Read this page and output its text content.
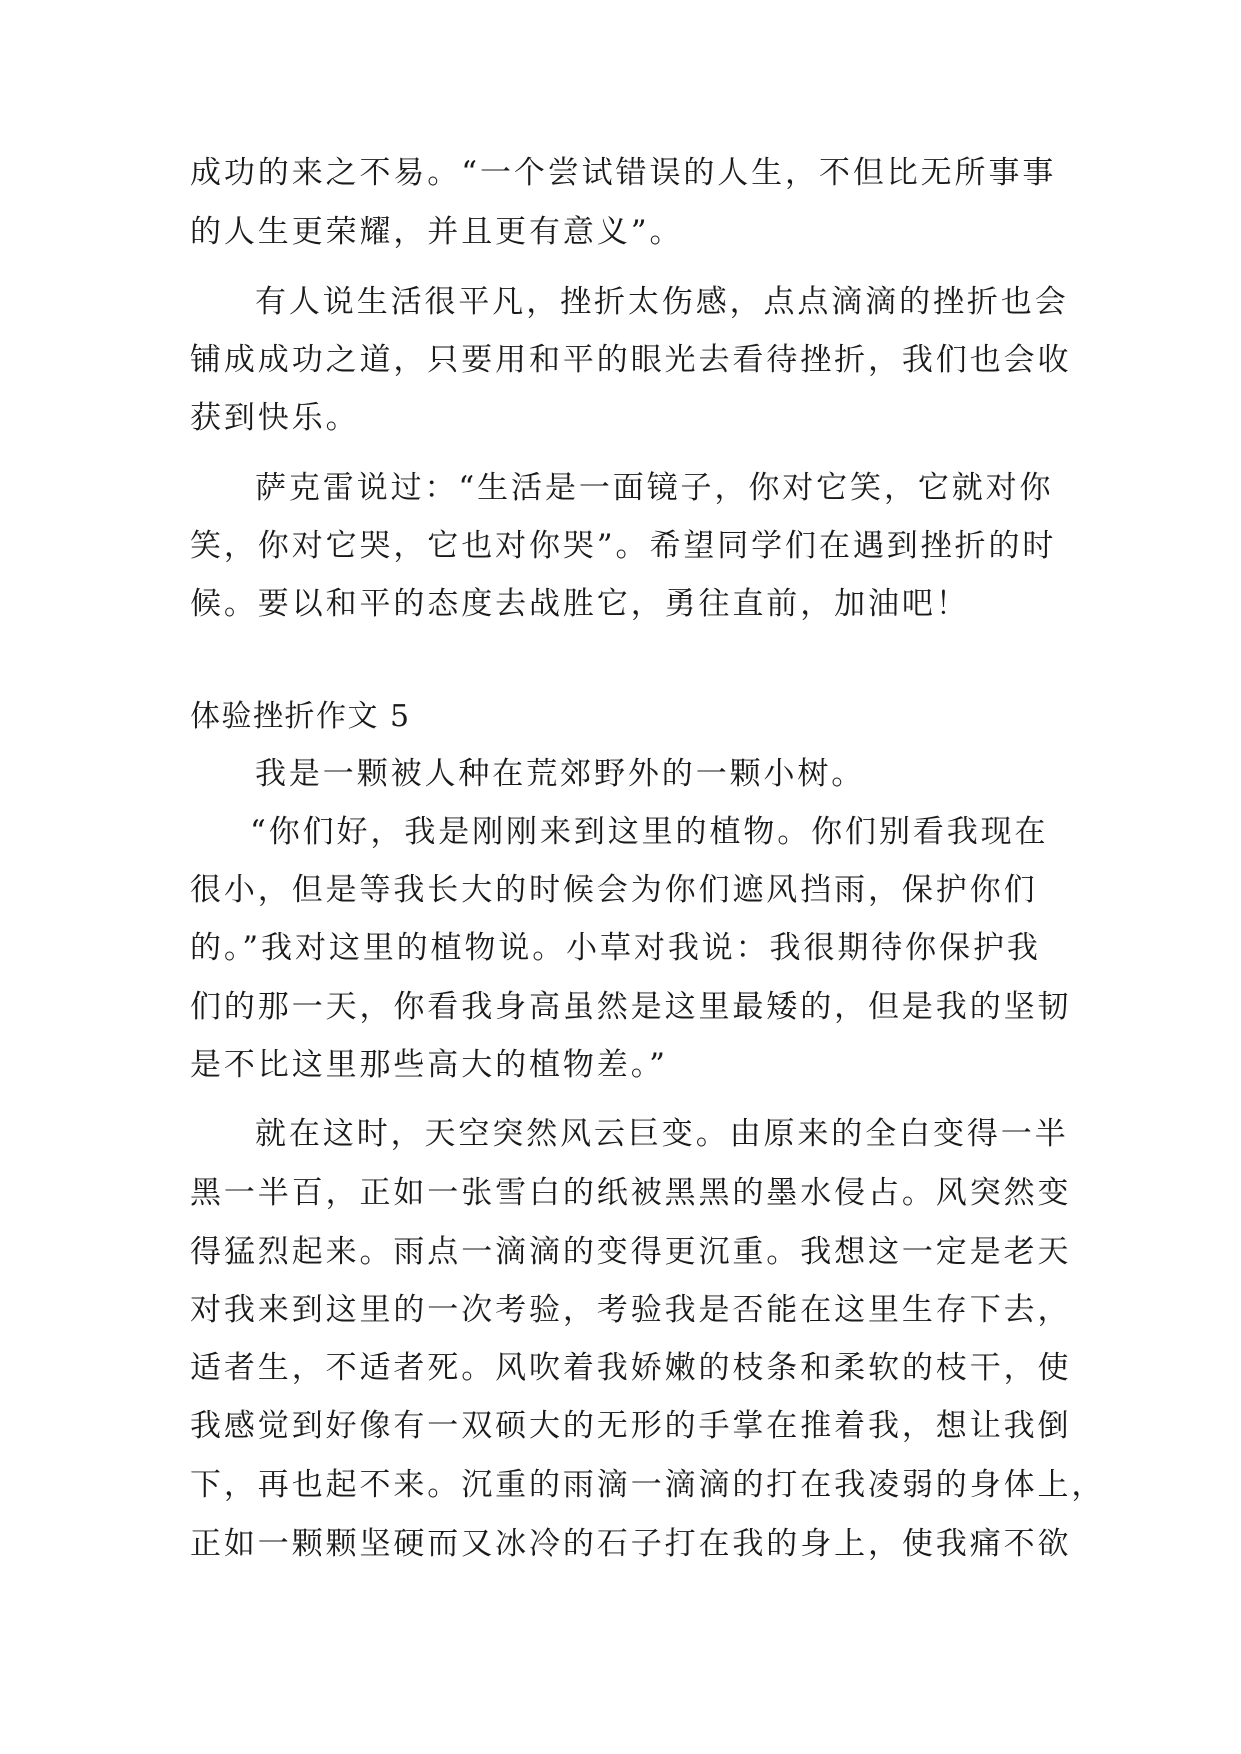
成功的来之不易。“一个尝试错误的人生，不但比无所事事
的人生更荣耀，并且更有意义”。
有人说生活很平凡，挫折太伤感，点点滴滴的挫折也会
铺成成功之道，只要用和平的眼光去看待挫折，我们也会收
获到快乐。
萨克雷说过：“生活是一面镜子，你对它笑，它就对你
笑，你对它哭，它也对你哭”。希望同学们在遇到挫折的时
候。要以和平的态度去战胜它，勇往直前，加油吧！
体验挫折作文 5
我是一颗被人种在荒郊野外的一颗小树。
“你们好，我是刚刚来到这里的植物。你们别看我现在
很小，但是等我长大的时候会为你们遮风挡雨，保护你们
的。”我对这里的植物说。小草对我说：我很期待你保护我
们的那一天，你看我身高虽然是这里最矮的，但是我的坚韧
是不比这里那些高大的植物差。”
就在这时，天空突然风云巨变。由原来的全白变得一半
黑一半百，正如一张雪白的纸被黑黑的墨水侵占。风突然变
得猛烈起来。雨点一滴滴的变得更沉重。我想这一定是老天
对我来到这里的一次考验，考验我是否能在这里生存下去，
适者生，不适者死。风吹着我娇嫩的枝条和柔软的枝干，使
我感觉到好像有一双硕大的无形的手掌在推着我，想让我倒
下，再也起不来。沉重的雨滴一滴滴的打在我凌弱的身体上，
正如一颗颗坚硬而又冰冷的石子打在我的身上，使我痛不欲
